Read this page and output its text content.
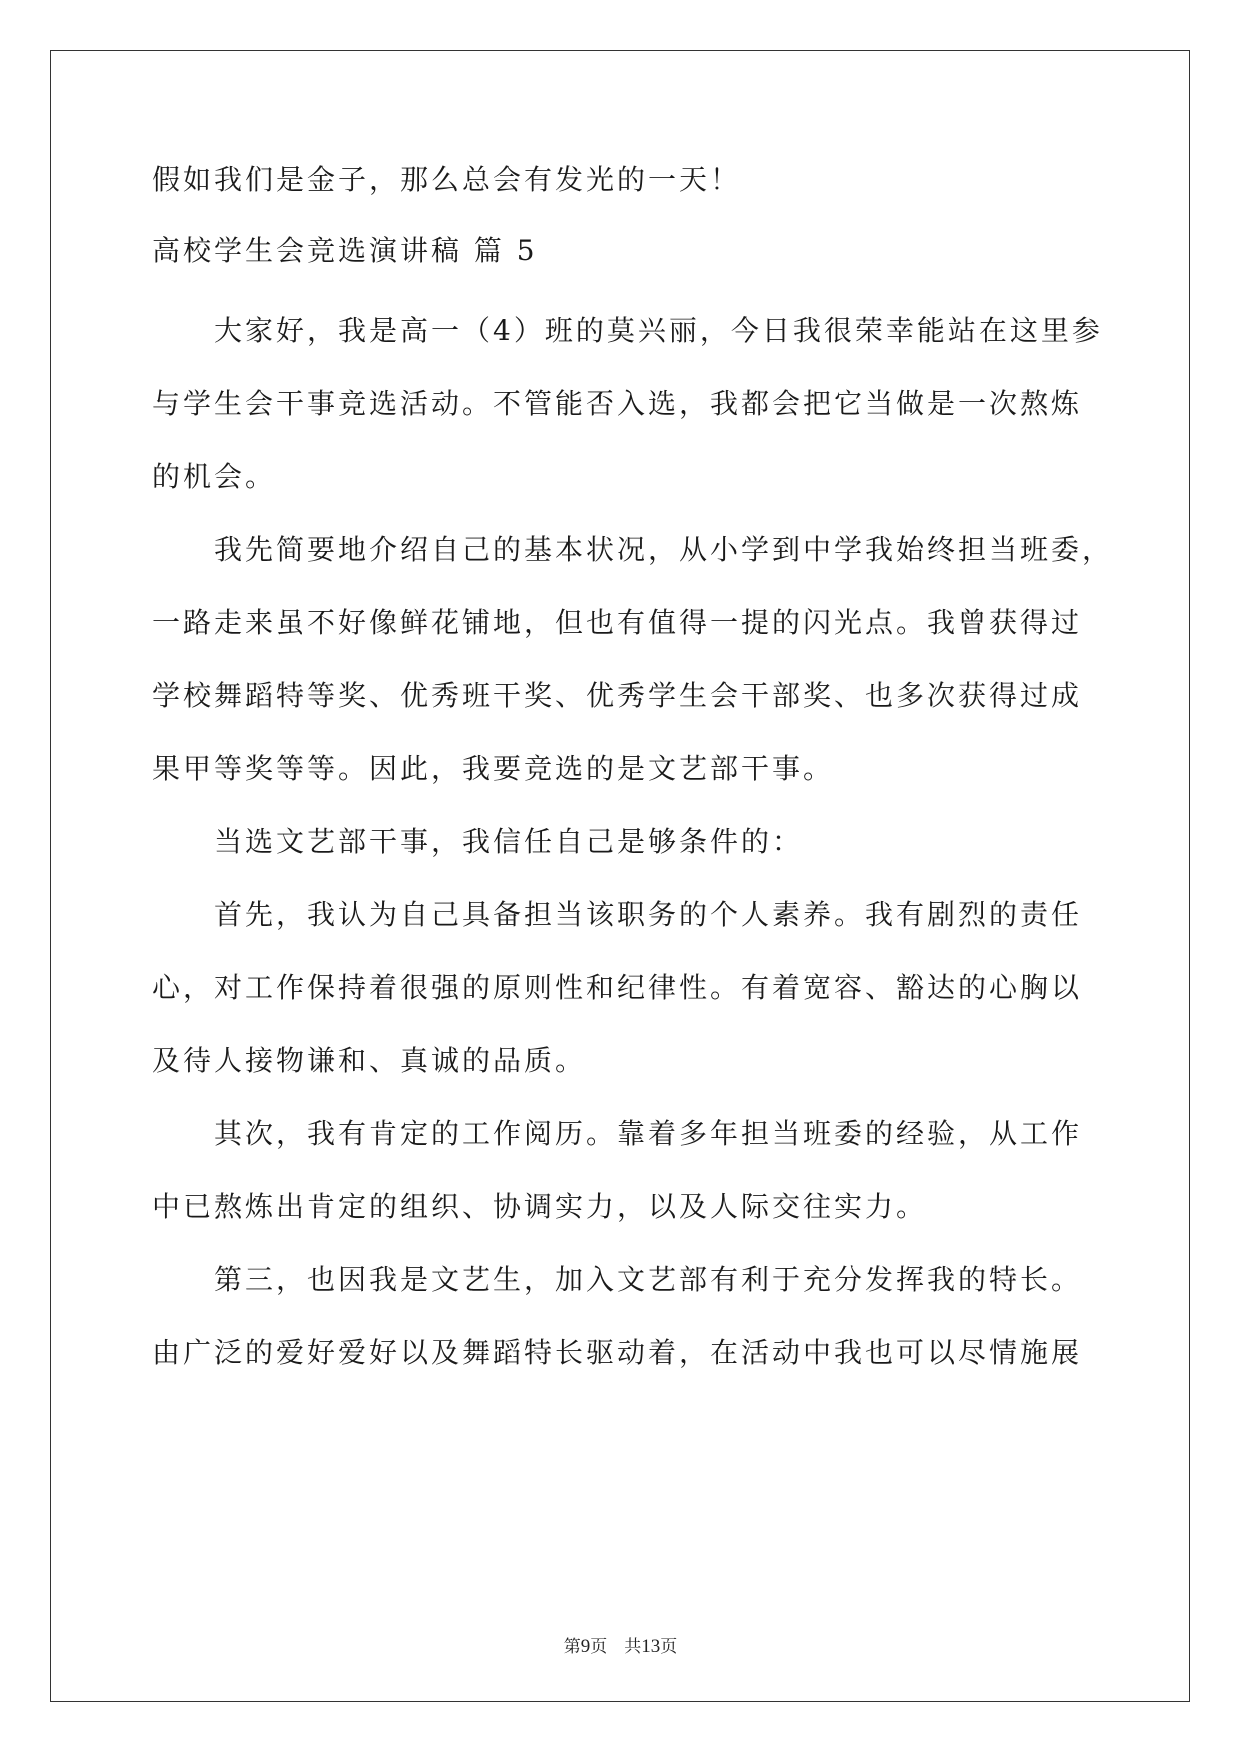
假如我们是金子，那么总会有发光的一天！
高校学生会竞选演讲稿 篇 5
大家好，我是高一（4）班的莫兴丽，今日我很荣幸能站在这里参
与学生会干事竞选活动。不管能否入选，我都会把它当做是一次熬炼
的机会。
我先简要地介绍自己的基本状况，从小学到中学我始终担当班委，
一路走来虽不好像鲜花铺地，但也有值得一提的闪光点。我曾获得过
学校舞蹈特等奖、优秀班干奖、优秀学生会干部奖、也多次获得过成
果甲等奖等等。因此，我要竞选的是文艺部干事。
当选文艺部干事，我信任自己是够条件的：
首先，我认为自己具备担当该职务的个人素养。我有剧烈的责任
心，对工作保持着很强的原则性和纪律性。有着宽容、豁达的心胸以
及待人接物谦和、真诚的品质。
其次，我有肯定的工作阅历。靠着多年担当班委的经验，从工作
中已熬炼出肯定的组织、协调实力，以及人际交往实力。
第三，也因我是文艺生，加入文艺部有利于充分发挥我的特长。
由广泛的爱好爱好以及舞蹈特长驱动着，在活动中我也可以尽情施展
第9页　共13页
